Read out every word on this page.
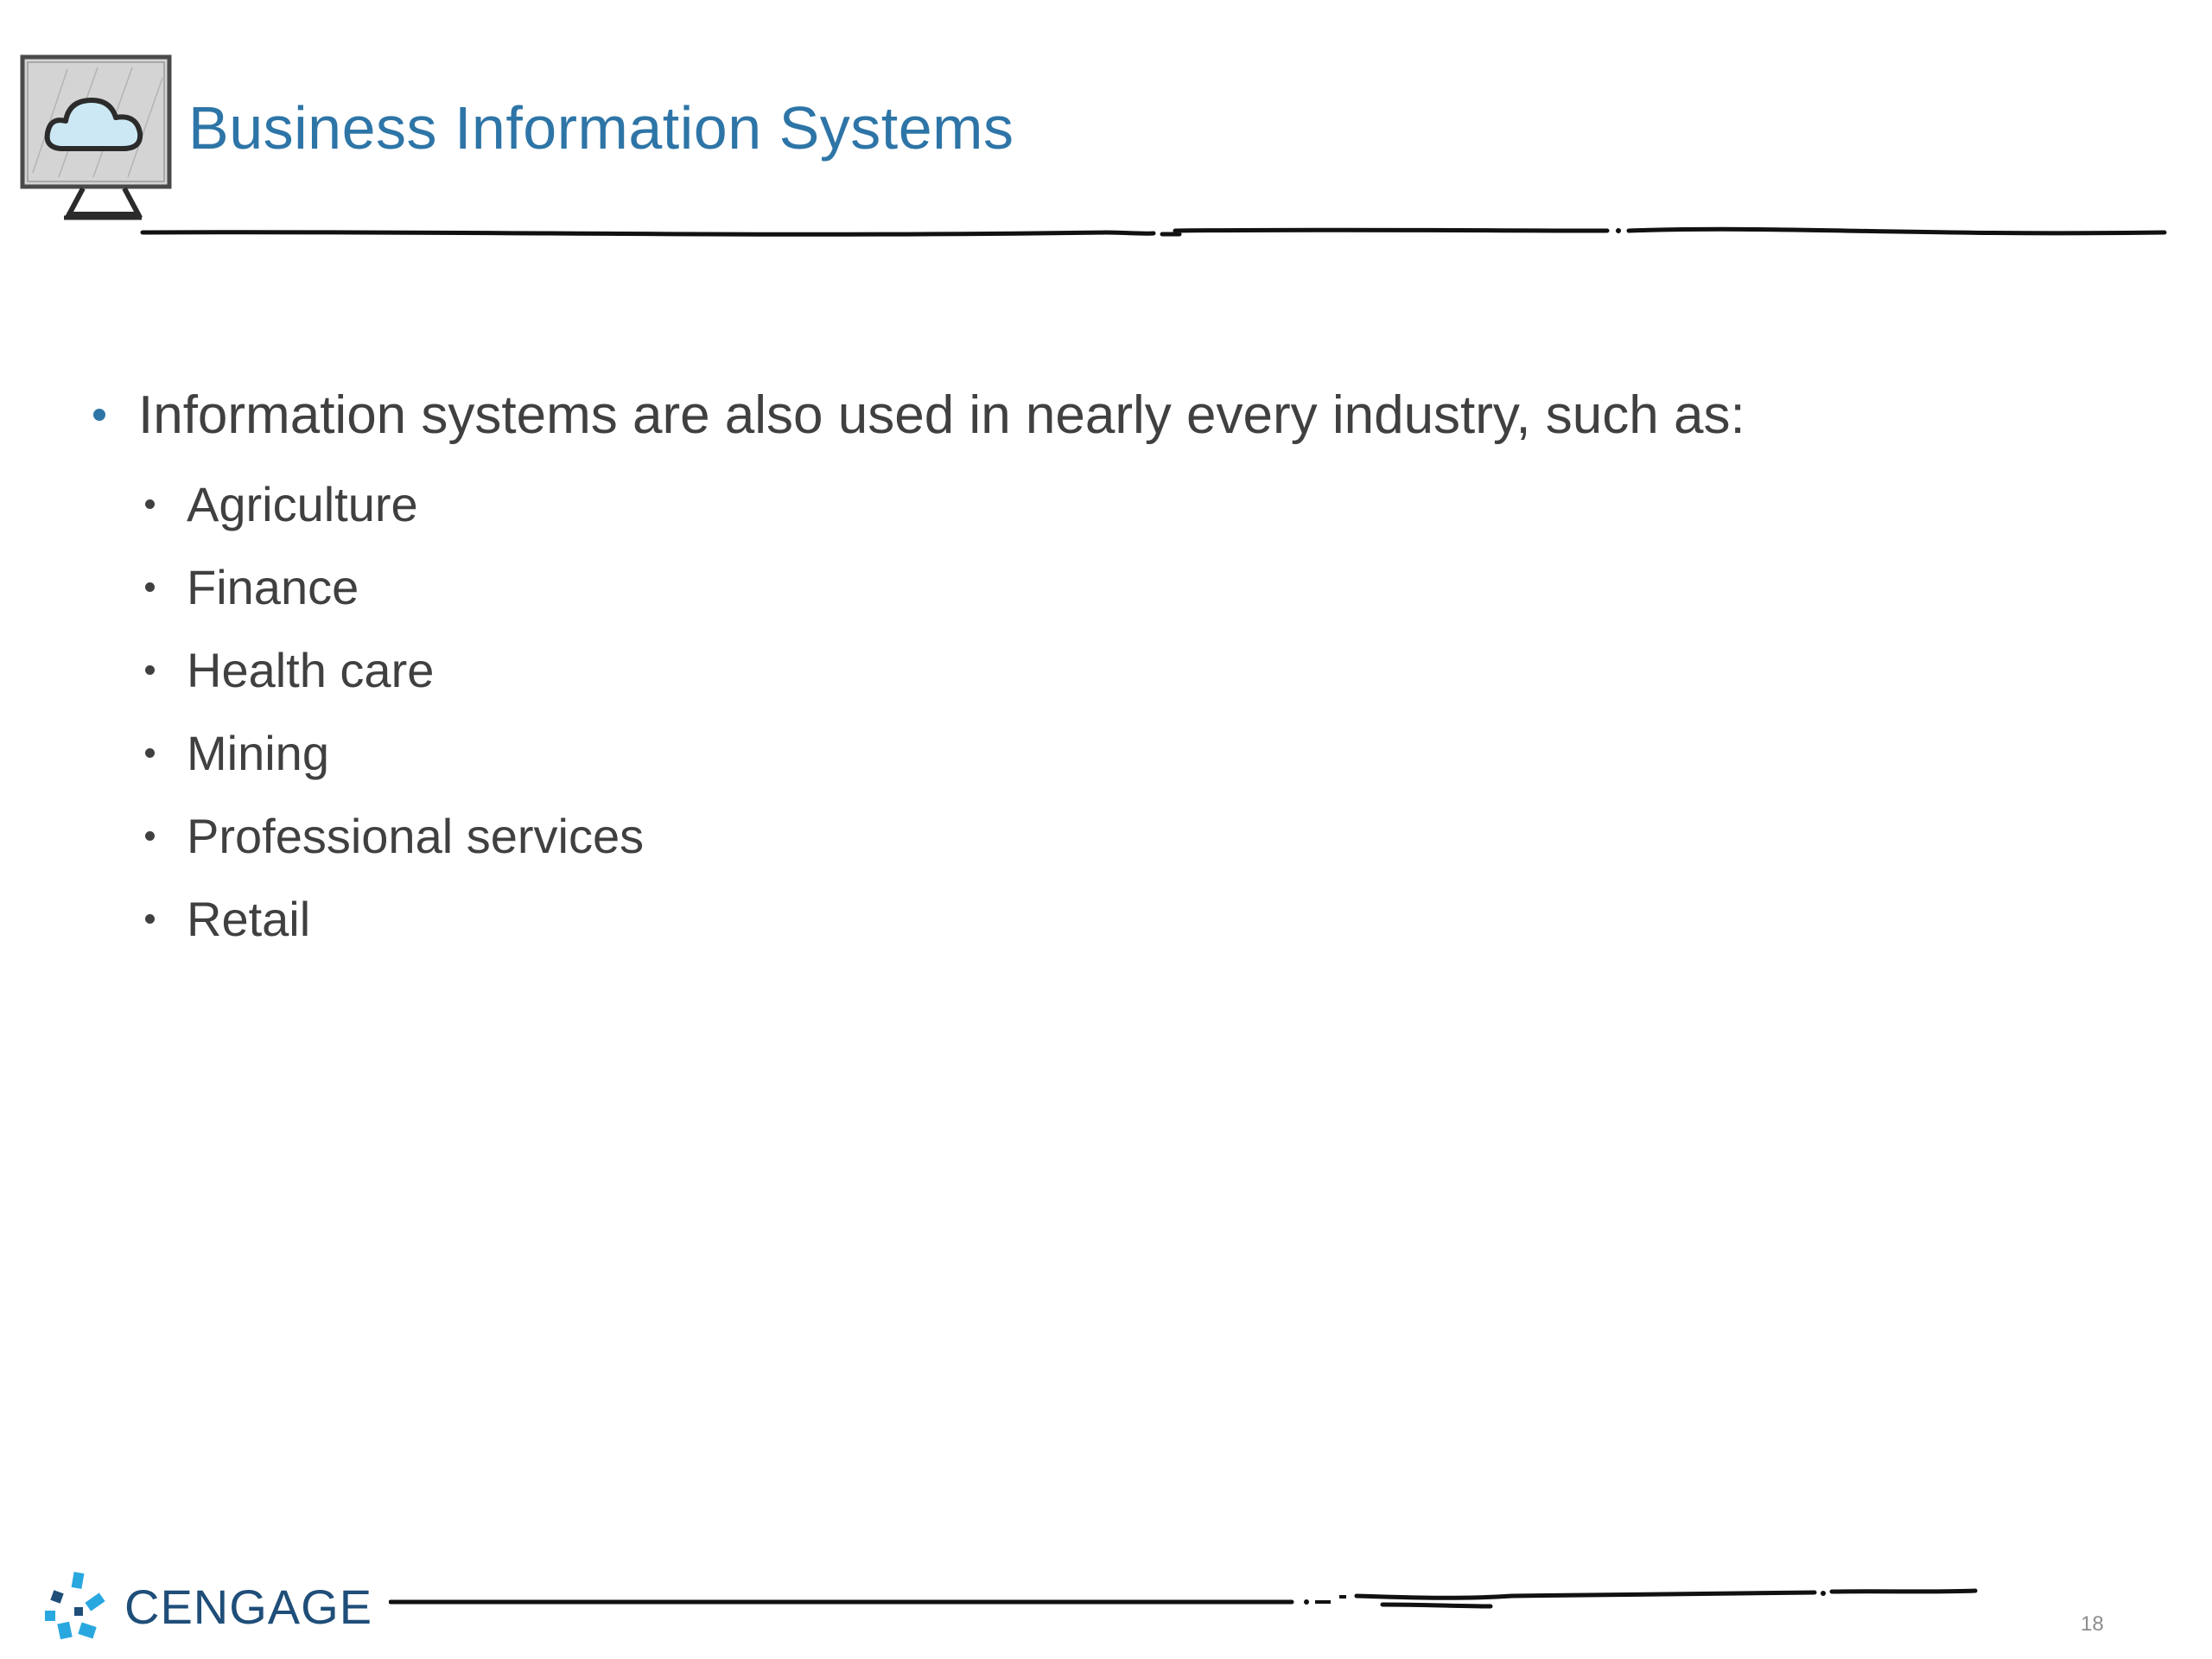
Business Information Systems
Information systems are also used in nearly every industry, such as:
Agriculture
Finance
Health care
Mining
Professional services
Retail
CENGAGE	18
